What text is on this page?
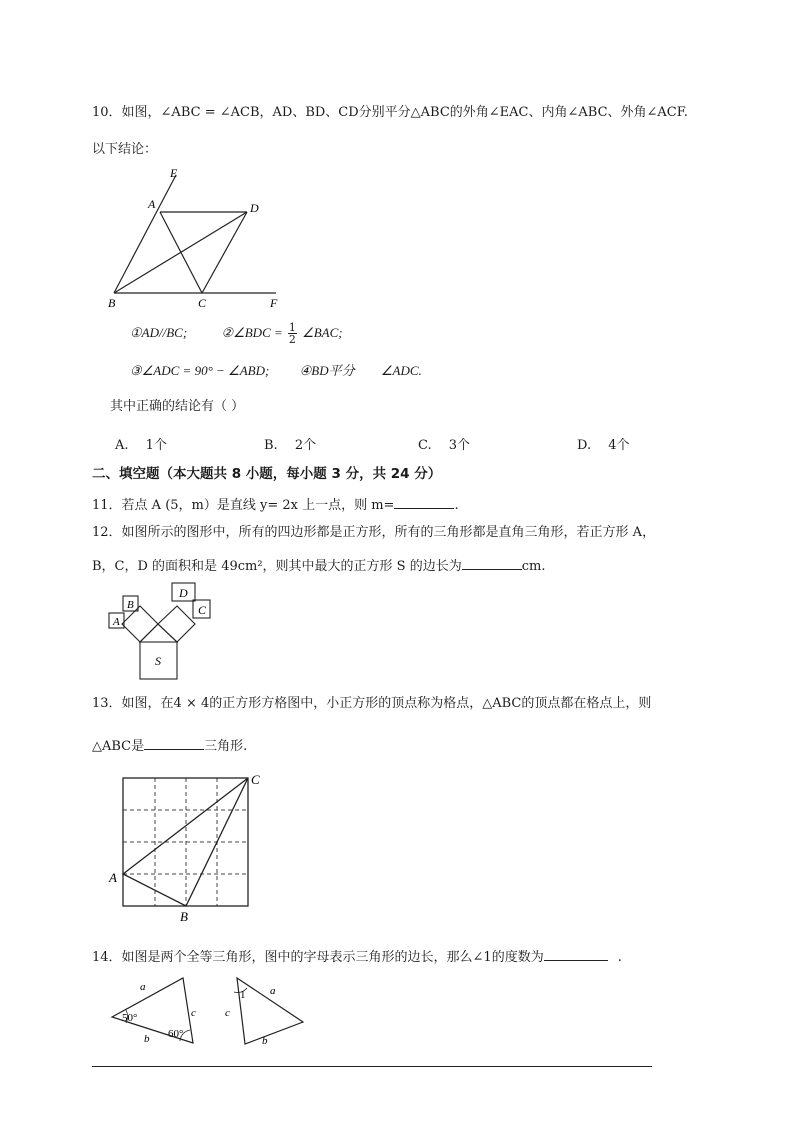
10．如图，∠ABC = ∠ACB，AD、BD、CD分别平分△ABC的外角∠EAC、内角∠ABC、外角∠ACF.
以下结论：
E
A	D
B	C	F
①AD//BC;	②∠BDC = $\frac{1}{2}$ ∠BAC;
③∠ADC = 90° − ∠ABD; ④BD平分 ∠ADC.
其中正确的结论有（ ）
A.　 1个	B.　 2个	C.　 3个	D.　 4个
二、填空题（本大题共 8 小题，每小题 3 分，共 24 分）
11．若点 A (5，m）是直线 y= 2x 上一点，则 m=	.
12．如图所示的图形中，所有的四边形都是正方形，所有的三角形都是直角三角形，若正方形 A，
B，C，D 的面积和是 49cm²，则其中最大的正方形 S 的边长为	cm.
B
A
D
C
S
13．如图，在4 × 4的正方形方格图中，小正方形的顶点称为格点，△ABC的顶点都在格点上，则
△ABC是	三角形.
A
B
C
14．如图是两个全等三角形，图中的字母表示三角形的边长，那么∠1的度数为	.
a
c
b
50°
60°
1 a
c
b
